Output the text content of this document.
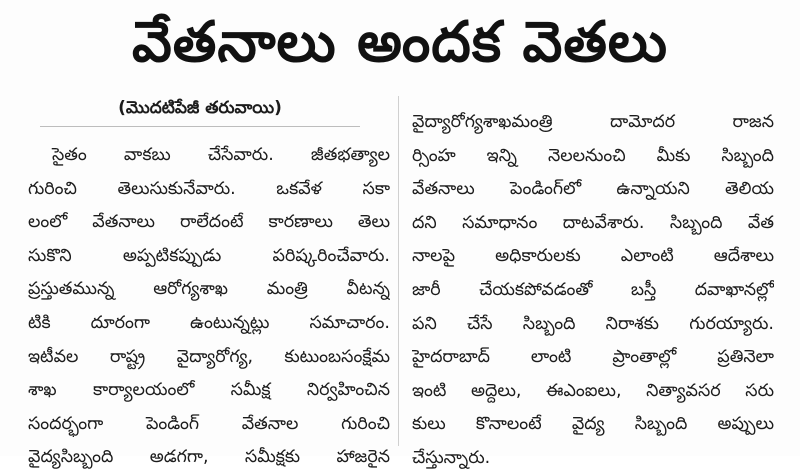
వేతనాలు అందక వెతలు
(మొదటిపేజీ తరువాయి)
సైతం వాకబు చేసేవారు. జీతభత్యాల
గురించి తెలుసుకునేవారు. ఒకవేళ సకా
లంలో వేతనాలు రాలేదంటే కారణాలు తెలు
సుకొని అప్పటికప్పుడు పరిష్కరించేవారు.
ప్రస్తుతమున్న ఆరోగ్యశాఖ మంత్రి వీటన్న
టికి దూరంగా ఉంటున్నట్లు సమాచారం.
ఇటీవల రాష్ట్ర వైద్యారోగ్య, కుటుంబసంక్షేమ
శాఖ కార్యాలయంలో సమీక్ష నిర్వహించిన
సందర్భంగా పెండింగ్ వేతనాల గురించి
వైద్యసిబ్బంది అడగగా, సమీక్షకు హాజరైన
వైద్యారోగ్యశాఖమంత్రి దామోదర రాజన
ర్సింహ ఇన్ని నెలలనుంచి మీకు సిబ్బంది
వేతనాలు పెండింగ్‌లో ఉన్నాయని తెలియ
దని సమాధానం దాటవేశారు. సిబ్బంది వేత
నాలపై అధికారులకు ఎలాంటి ఆదేశాలు
జారీ చేయకపోవడంతో బస్తీ దవాఖానల్లో
పని చేసే సిబ్బంది నిరాశకు గురయ్యారు.
హైదరాబాద్ లాంటి ప్రాంతాల్లో ప్రతినెలా
ఇంటి అద్దెలు, ఈఎంఐలు, నిత్యావసర సరు
కులు కొనాలంటే వైద్య సిబ్బంది అప్పులు
చేస్తున్నారు.
